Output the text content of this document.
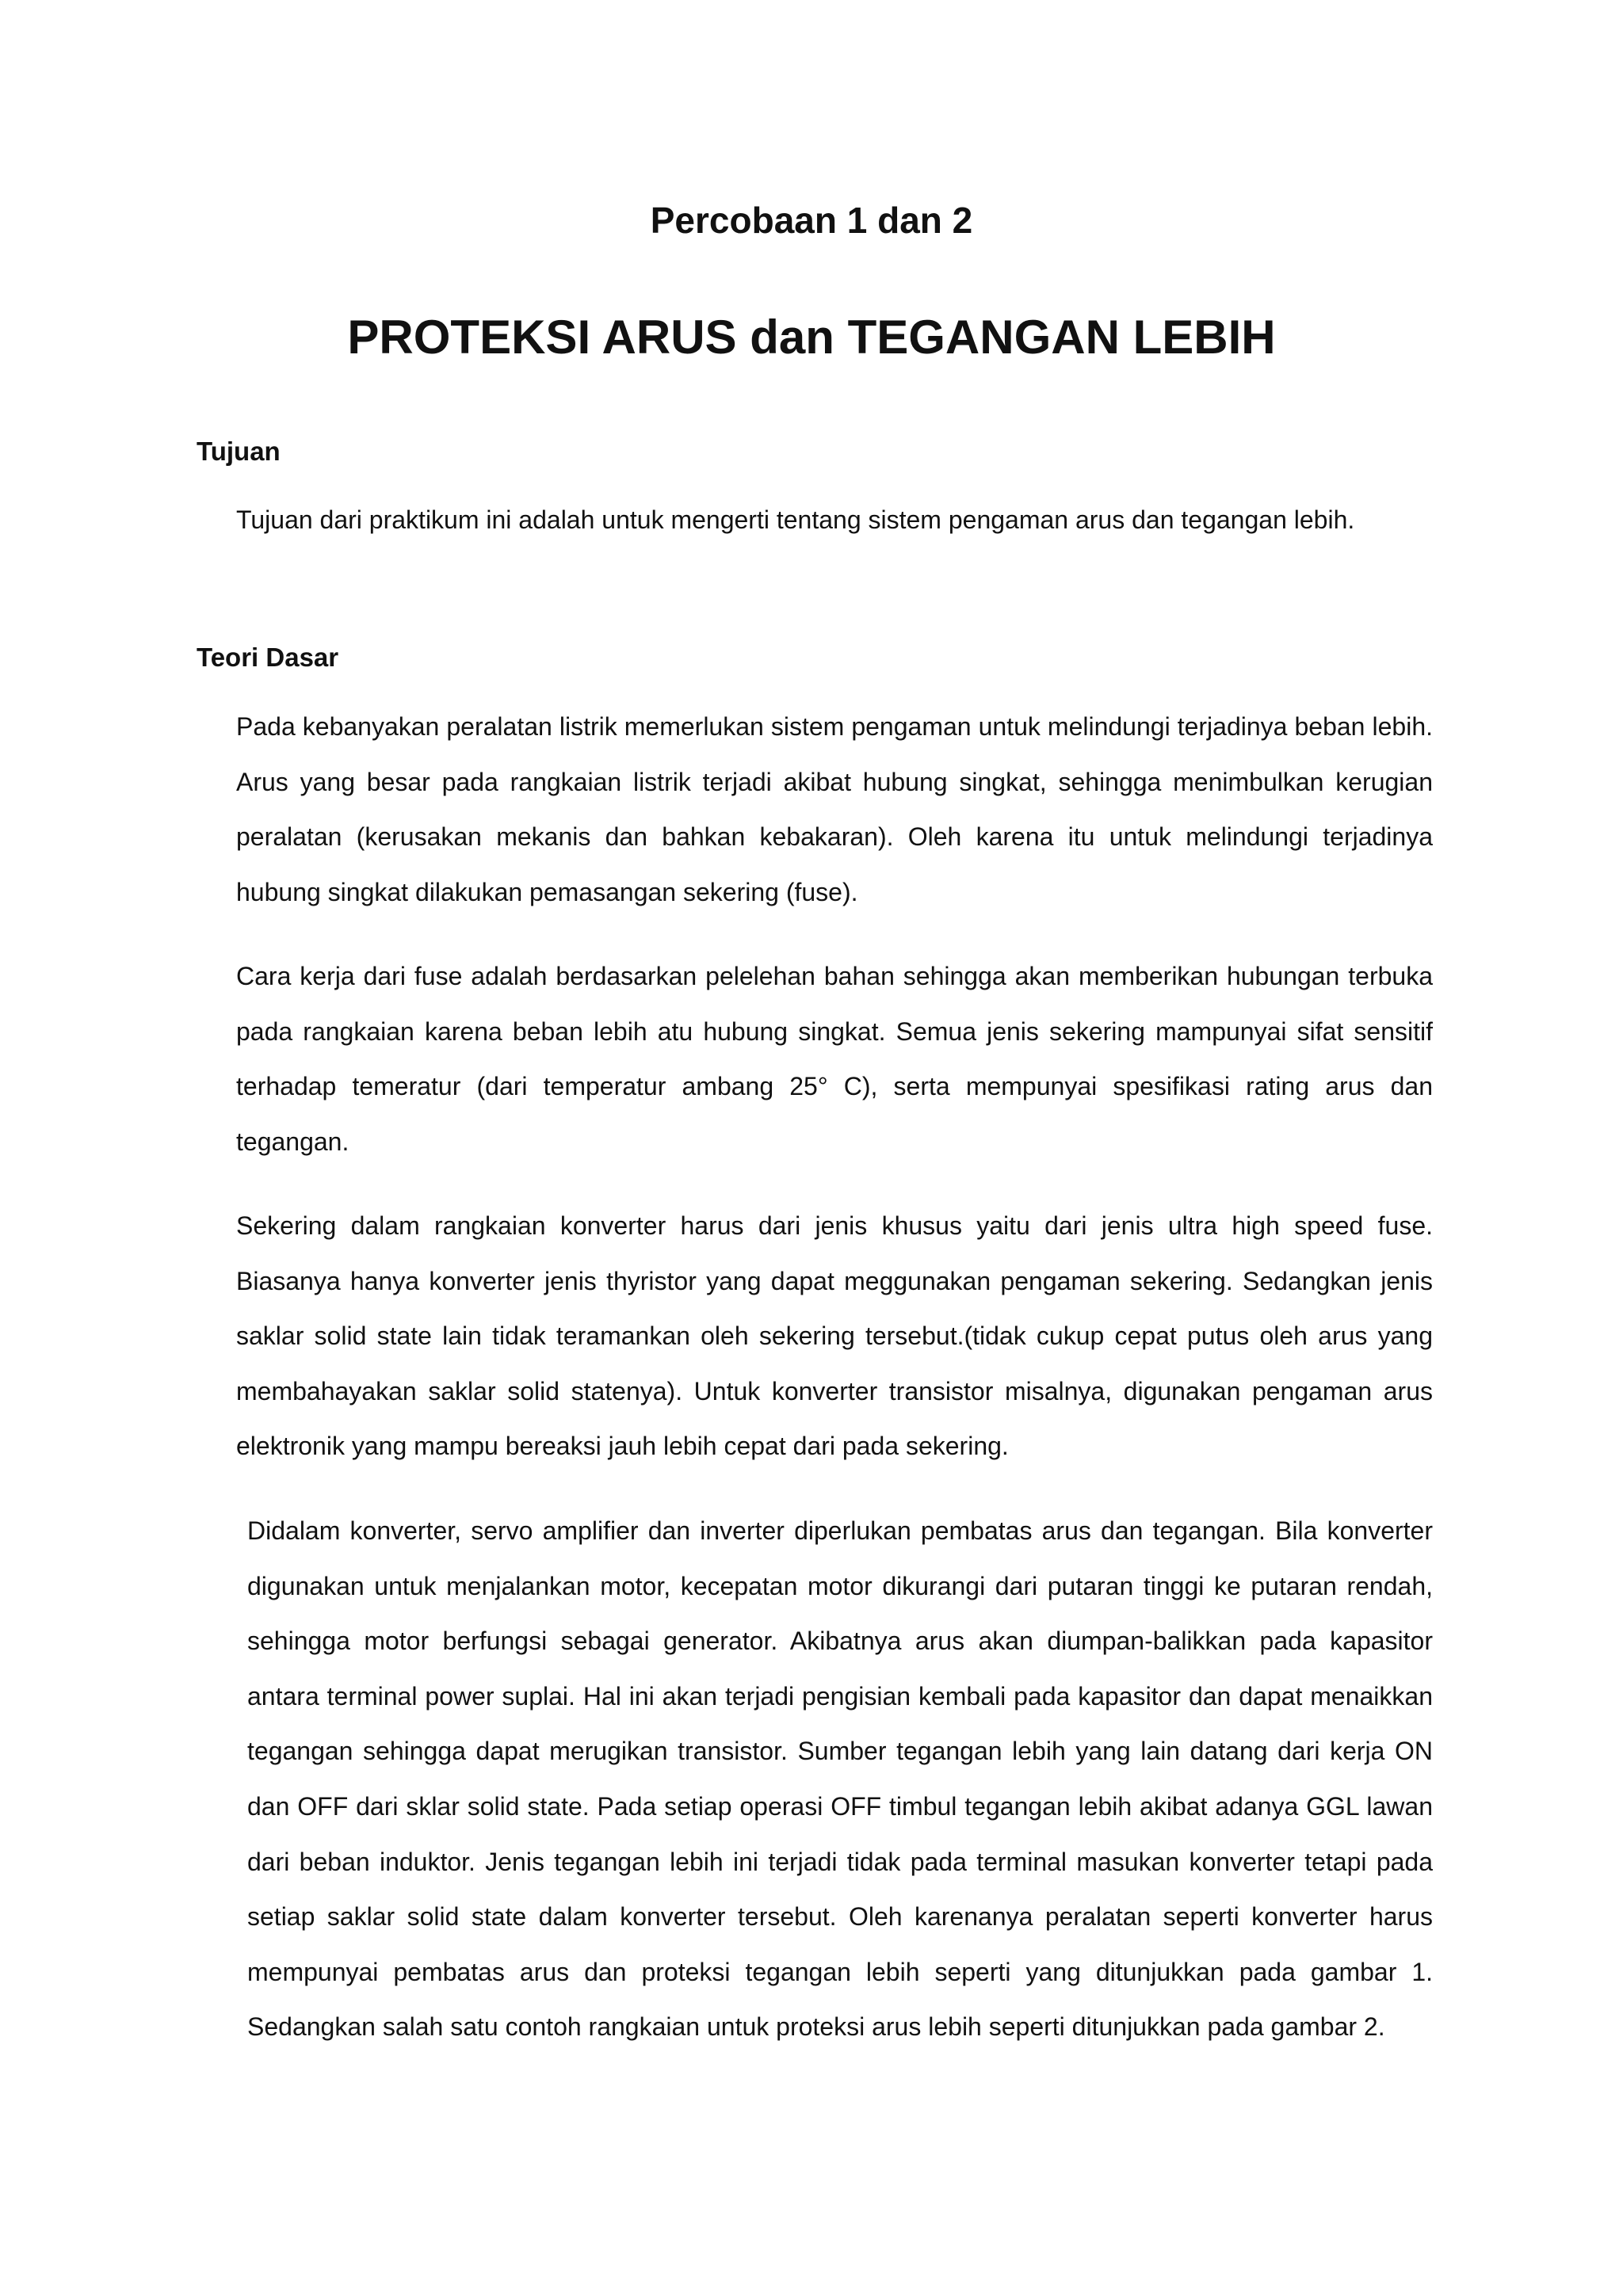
Percobaan 1 dan 2
PROTEKSI ARUS dan TEGANGAN LEBIH
Tujuan

Tujuan dari praktikum ini adalah untuk mengerti tentang sistem pengaman arus dan tegangan lebih.

Teori Dasar

Pada kebanyakan peralatan listrik memerlukan sistem pengaman untuk melindungi terjadinya beban lebih. Arus yang besar pada rangkaian listrik terjadi akibat hubung singkat, sehingga menimbulkan kerugian peralatan (kerusakan mekanis dan bahkan kebakaran). Oleh karena itu untuk melindungi terjadinya hubung singkat dilakukan pemasangan sekering (fuse).

Cara kerja dari fuse adalah berdasarkan pelelehan bahan sehingga akan memberikan hubungan terbuka pada rangkaian karena beban lebih atu hubung singkat. Semua jenis sekering mampunyai sifat sensitif terhadap temeratur (dari temperatur ambang 25° C), serta mempunyai spesifikasi rating arus dan tegangan.

Sekering dalam rangkaian konverter harus dari jenis khusus yaitu dari jenis ultra high speed fuse. Biasanya hanya konverter jenis thyristor yang dapat meggunakan pengaman sekering. Sedangkan jenis saklar solid state lain tidak teramankan oleh sekering tersebut.(tidak cukup cepat putus oleh arus yang membahayakan saklar solid statenya). Untuk konverter transistor misalnya, digunakan pengaman arus elektronik yang mampu bereaksi jauh lebih cepat dari pada sekering.

Didalam konverter, servo amplifier dan inverter diperlukan pembatas arus dan tegangan. Bila konverter digunakan untuk menjalankan motor, kecepatan motor dikurangi dari putaran tinggi ke putaran rendah, sehingga motor berfungsi sebagai generator. Akibatnya arus akan diumpan-balikkan pada kapasitor antara terminal power suplai. Hal ini akan terjadi pengisian kembali pada kapasitor dan dapat menaikkan tegangan sehingga dapat merugikan transistor. Sumber tegangan lebih yang lain datang dari kerja ON dan OFF dari sklar solid state. Pada setiap operasi OFF timbul tegangan lebih akibat adanya GGL lawan dari beban induktor. Jenis tegangan lebih ini terjadi tidak pada terminal masukan konverter tetapi pada setiap saklar solid state dalam konverter tersebut. Oleh karenanya peralatan seperti konverter harus mempunyai pembatas arus dan proteksi tegangan lebih seperti yang ditunjukkan pada gambar 1. Sedangkan salah satu contoh rangkaian untuk proteksi arus lebih seperti ditunjukkan pada gambar 2.
